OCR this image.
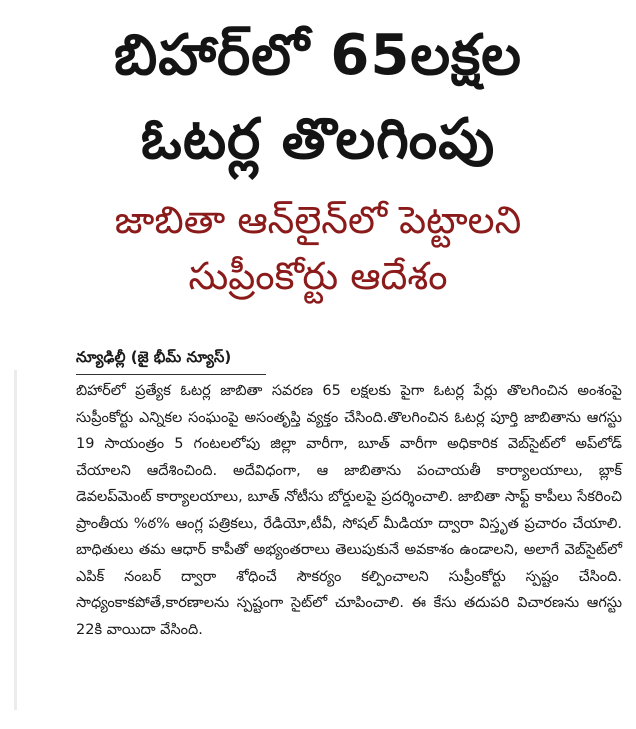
బిహార్‌లో 65లక్షల
ఓటర్ల తొలగింపు
జాబితా ఆన్‌లైన్‌లో పెట్టాలని
సుప్రీంకోర్టు ఆదేశం
న్యూఢిల్లీ (జై భీమ్ న్యూస్)

బిహార్‌లో ప్రత్యేక ఓటర్ల జాబితా సవరణ 65 లక్షలకు పైగా ఓటర్ల పేర్లు తొలగించిన అంశంపై సుప్రీంకోర్టు ఎన్నికల సంఘంపై అసంతృప్తి వ్యక్తం చేసింది.తొలగించిన ఓటర్ల పూర్తి జాబితాను ఆగస్టు 19 సాయంత్రం 5 గంటలలోపు జిల్లా వారీగా, బూత్ వారీగా అధికారిక వెబ్‌సైట్‌లో అప్‌లోడ్ చేయాలని ఆదేశించింది. అదేవిధంగా, ఆ జాబితాను పంచాయతీ కార్యాలయాలు, బ్లాక్ డెవలప్‌మెంట్ కార్యాలయాలు, బూత్ నోటీసు బోర్డులపై ప్రదర్శించాలి. జాబితా సాఫ్ట్ కాపీలు సేకరించి ప్రాంతీయ %ఠ% ఆంగ్ల పత్రికలు, రేడియో,టీవీ, సోషల్ మీడియా ద్వారా విస్తృత ప్రచారం చేయాలి. బాధితులు తమ ఆధార్ కాపీతో అభ్యంతరాలు తెలుపుకునే అవకాశం ఉండాలని, అలాగే వెబ్‌సైట్‌లో ఎపిక్ నంబర్ ద్వారా శోధించే సౌకర్యం కల్పించాలని సుప్రీంకోర్టు స్పష్టం చేసింది. సాధ్యంకాకపోతే,కారణాలను స్పష్టంగా సైట్‌లో చూపించాలి. ఈ కేసు తదుపరి విచారణను ఆగస్టు 22కి వాయిదా వేసింది.
